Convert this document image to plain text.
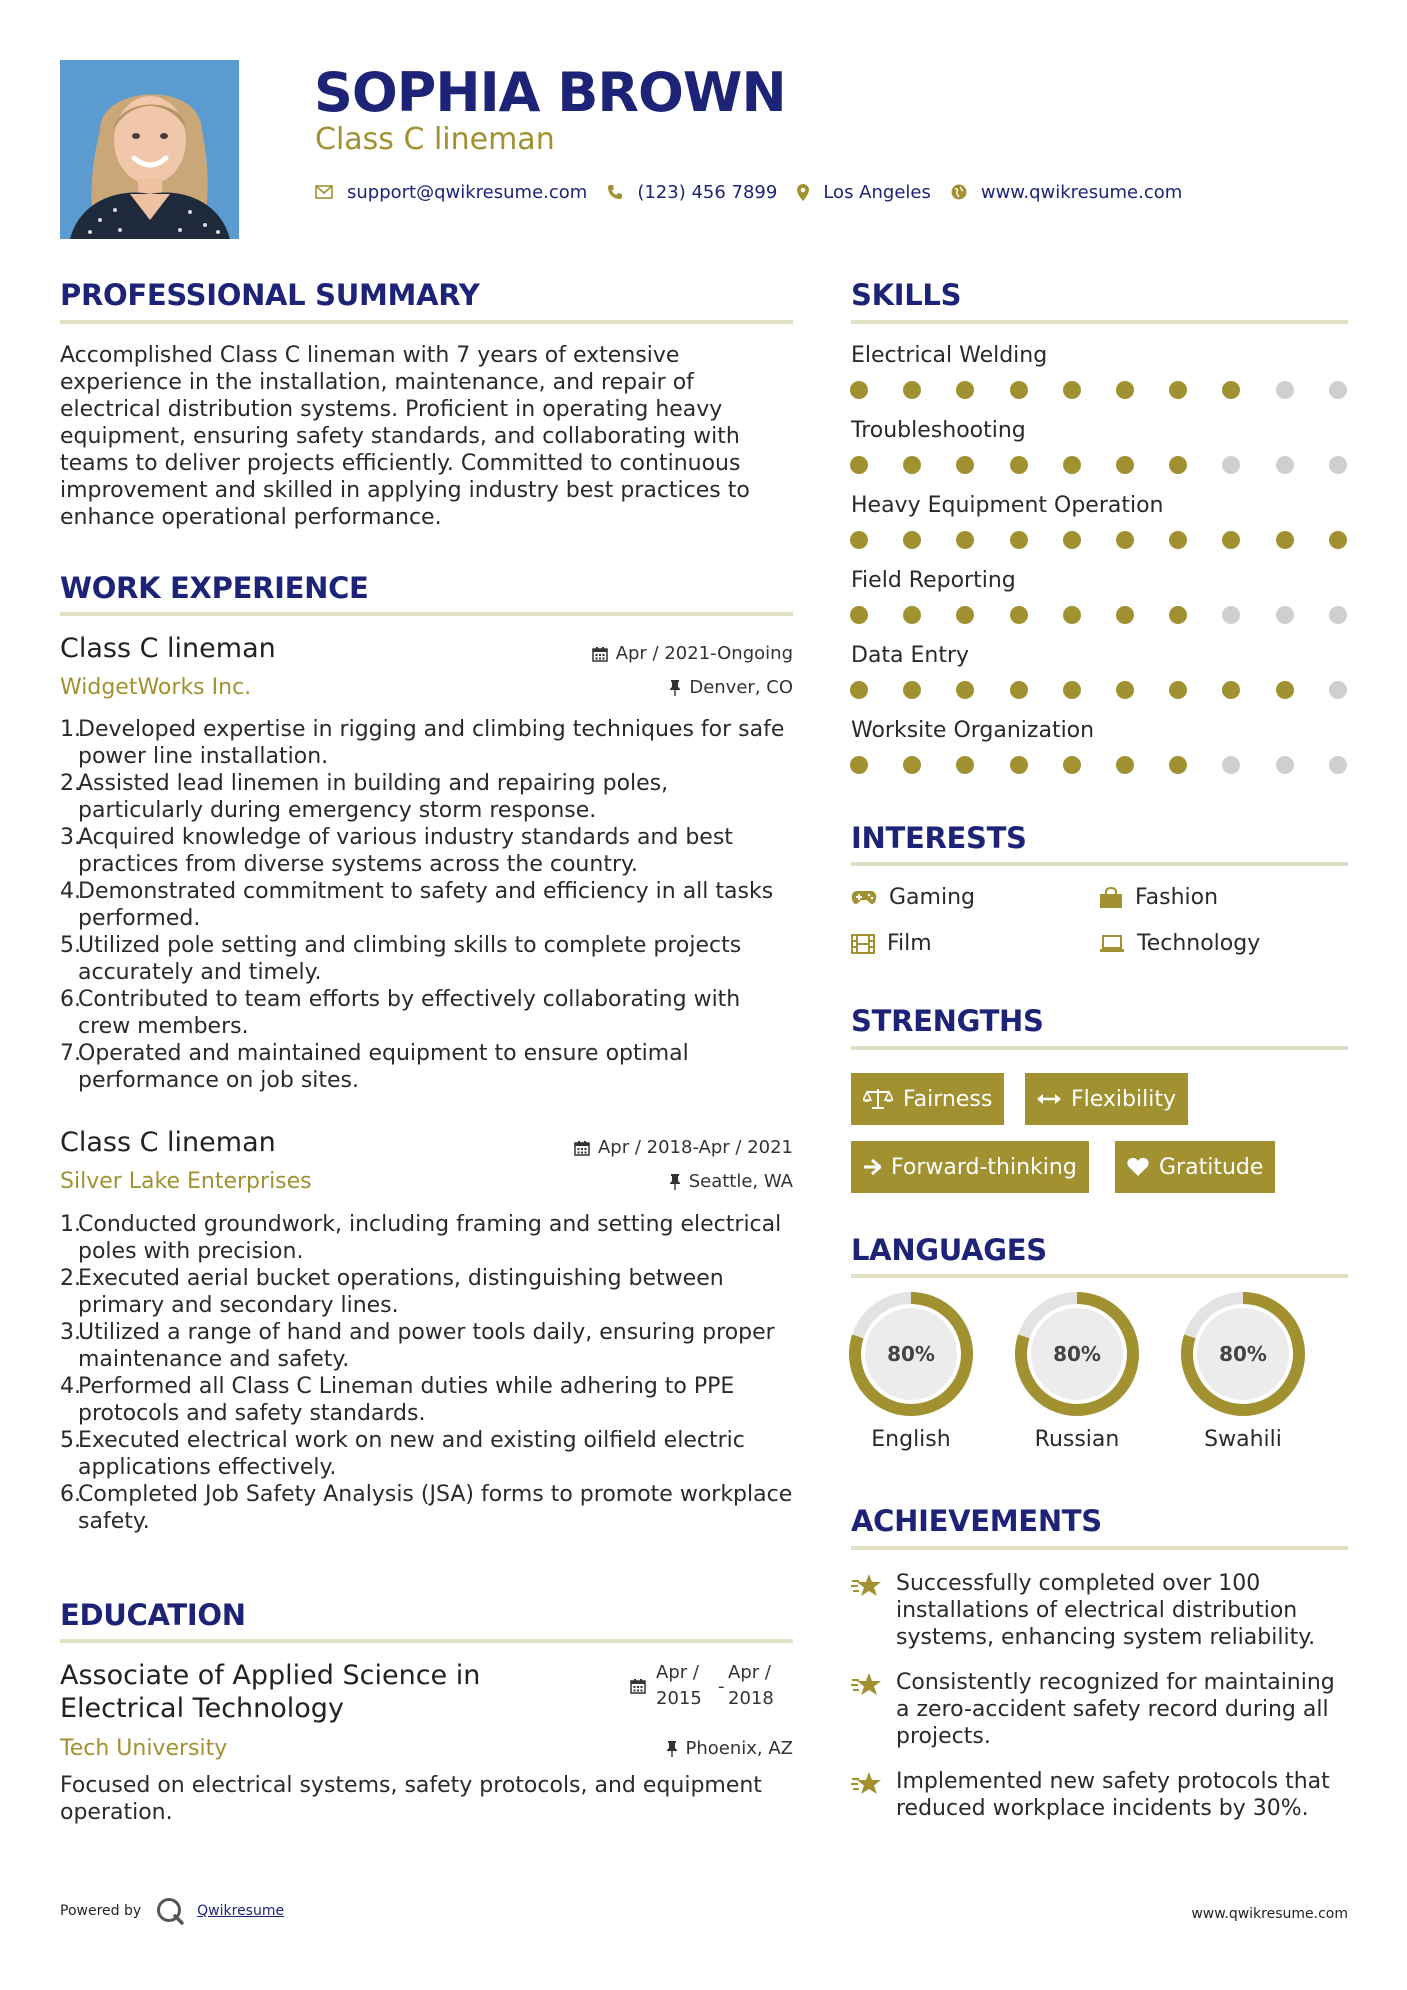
SOPHIA BROWN
Class C lineman
support@qwikresume.com	(123) 456 7899	Los Angeles	www.qwikresume.com
PROFESSIONAL SUMMARY
Accomplished Class C lineman with 7 years of extensive experience in the installation, maintenance, and repair of electrical distribution systems. Proficient in operating heavy equipment, ensuring safety standards, and collaborating with teams to deliver projects efficiently. Committed to continuous improvement and skilled in applying industry best practices to enhance operational performance.
WORK EXPERIENCE
Class C lineman	Apr / 2021-Ongoing
WidgetWorks Inc.	Denver, CO
1.
Developed expertise in rigging and climbing techniques for safe power line installation.
2.
Assisted lead linemen in building and repairing poles, particularly during emergency storm response.
3.
Acquired knowledge of various industry standards and best practices from diverse systems across the country.
4.
Demonstrated commitment to safety and efficiency in all tasks performed.
5.
Utilized pole setting and climbing skills to complete projects accurately and timely.
6.
Contributed to team efforts by effectively collaborating with crew members.
7.
Operated and maintained equipment to ensure optimal performance on job sites.
Class C lineman	Apr / 2018-Apr / 2021
Silver Lake Enterprises	Seattle, WA
1.
Conducted groundwork, including framing and setting electrical poles with precision.
2.
Executed aerial bucket operations, distinguishing between primary and secondary lines.
3.
Utilized a range of hand and power tools daily, ensuring proper maintenance and safety.
4.
Performed all Class C Lineman duties while adhering to PPE protocols and safety standards.
5.
Executed electrical work on new and existing oilfield electric applications effectively.
6.
Completed Job Safety Analysis (JSA) forms to promote workplace safety.
EDUCATION
Associate of Applied Science in
Electrical Technology
Apr /
2015
-
Apr /
2018
Tech University	Phoenix, AZ
Focused on electrical systems, safety protocols, and equipment operation.
SKILLS
Electrical Welding
Troubleshooting
Heavy Equipment Operation
Field Reporting
Data Entry
Worksite Organization
INTERESTS
Gaming	Fashion
Film	Technology
STRENGTHS
Fairness	Flexibility
Forward-thinking	Gratitude
LANGUAGES
80%
English
80%
Russian
80%
Swahili
ACHIEVEMENTS
Successfully completed over 100 installations of electrical distribution systems, enhancing system reliability.
Consistently recognized for maintaining a zero-accident safety record during all projects.
Implemented new safety protocols that reduced workplace incidents by 30%.
Powered by	Qwikresume	www.qwikresume.com
